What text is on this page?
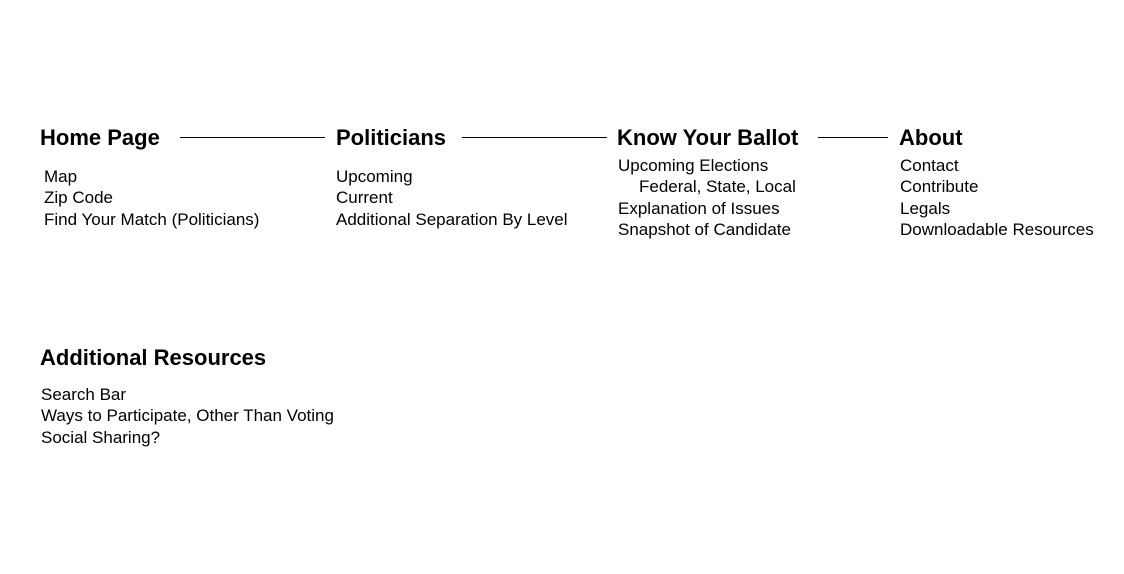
Home Page
Map
Zip Code
Find Your Match (Politicians)
Politicians
Upcoming
Current
Additional Separation By Level
Know Your Ballot
Upcoming Elections
Federal, State, Local
Explanation of Issues
Snapshot of Candidate
About
Contact
Contribute
Legals
Downloadable Resources
Additional Resources
Search Bar
Ways to Participate, Other Than Voting
Social Sharing?
